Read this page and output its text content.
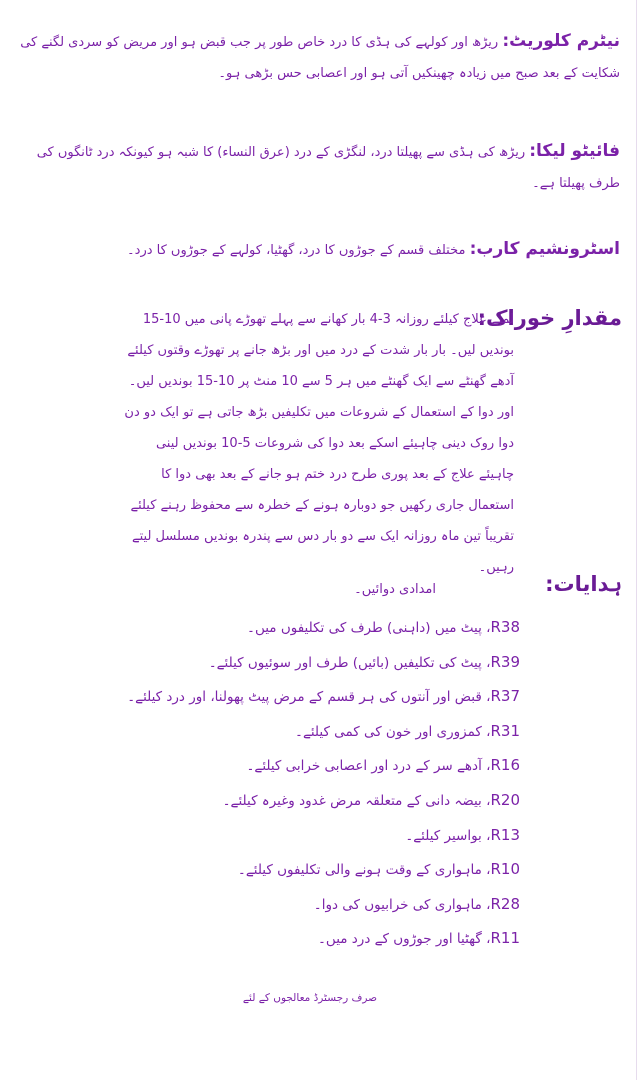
نیٹرم کلوریٹ: ریڑھ اور کولہے کی ہڈی کا درد خاص طور پر جب قبض ہو اور مریض کو سردی لگنے کی شکایت کے بعد صبح میں زیادہ چھینکیں آتی ہو اور اعصابی حس بڑھی ہو۔
فائیٹو لیکا: ریڑھ کی ہڈی سے پھیلتا درد، لنگڑی کے درد (عرق النساء) کا شبہ ہو کیونکہ درد ٹانگوں کی طرف پھیلتا ہے۔
اسٹرونشیم کارب: مختلف قسم کے جوڑوں کا درد، گھٹیا، کولہے کے جوڑوں کا درد۔
مقدارِ خوراک:
لمبے علاج کیلئے روزانہ 3-4 بار کھانے سے پہلے تھوڑے پانی میں 10-15 بوندیں لیں۔ بار بار شدت کے درد میں اور بڑھ جانے پر تھوڑے وقتوں کیلئے آدھے گھنٹے سے ایک گھنٹے میں ہر 5 سے 10 منٹ پر 10-15 بوندیں لیں۔ اور دوا کے استعمال کے شروعات میں تکلیفیں بڑھ جاتی ہے تو ایک دو دن دوا روک دینی چاہیئے اسکے بعد دوا کی شروعات 5-10 بوندیں لینی چاہیئے علاج کے بعد پوری طرح درد ختم ہو جانے کے بعد بھی دوا کا استعمال جاری رکھیں جو دوبارہ ہونے کے خطرہ سے محفوظ رہنے کیلئے تقریباً تین ماہ روزانہ ایک سے دو بار دس سے پندرہ بوندیں مسلسل لیتے رہیں۔
ہدایات:
امدادی دوائیں۔
R38، پیٹ میں (داہنی) طرف کی تکلیفوں میں۔
R39، پیٹ کی تکلیفیں (بائیں) طرف اور سوئیوں کیلئے۔
R37، قبض اور آنتوں کی ہر قسم کے مرض پیٹ پھولنا، اور درد کیلئے۔
R31، کمزوری اور خون کی کمی کیلئے۔
R16، آدھے سر کے درد اور اعصابی خرابی کیلئے۔
R20، بیضہ دانی کے متعلقہ مرض غدود وغیرہ کیلئے۔
R13، بواسیر کیلئے۔
R10، ماہواری کے وقت ہونے والی تکلیفوں کیلئے۔
R28، ماہواری کی خرابیوں کی دوا۔
R11، گھٹیا اور جوڑوں کے درد میں۔
صرف رجسٹرڈ معالجوں کے لئے
